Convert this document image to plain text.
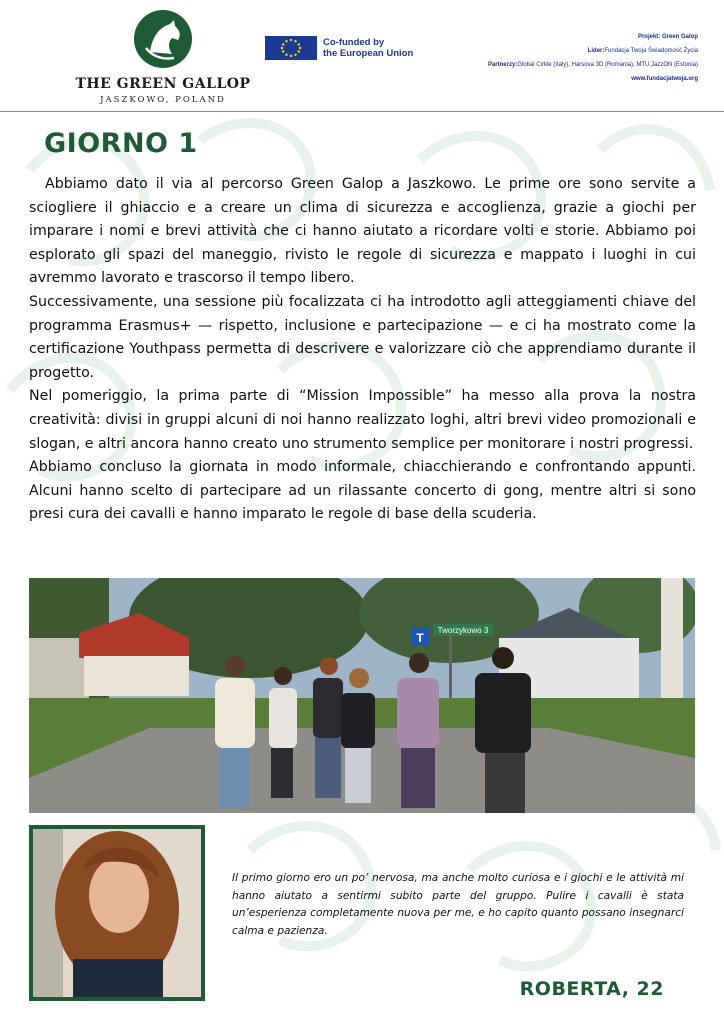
THE GREEN GALLOP
JASZKOWO, POLAND
Co-funded by
the European Union
Projekt: Green Galop
Lider:Fundacja Twoja Świadomość Życia
Partnerzy:Global Cirkle (Italy), Harsova 3D (Romania), MTU JazzON (Estonia)
www.fundacjatwoja.org
GIORNO 1

Abbiamo dato il via al percorso Green Galop a Jaszkowo. Le prime ore sono servite a sciogliere il ghiaccio e a creare un clima di sicurezza e accoglienza, grazie a giochi per imparare i nomi e brevi attività che ci hanno aiutato a ricordare volti e storie. Abbiamo poi esplorato gli spazi del maneggio, rivisto le regole di sicurezza e mappato i luoghi in cui avremmo lavorato e trascorso il tempo libero.

Successivamente, una sessione più focalizzata ci ha introdotto agli atteggiamenti chiave del programma Erasmus+ — rispetto, inclusione e partecipazione — e ci ha mostrato come la certificazione Youthpass permetta di descrivere e valorizzare ciò che apprendiamo durante il progetto.

Nel pomeriggio, la prima parte di “Mission Impossible” ha messo alla prova la nostra creatività: divisi in gruppi alcuni di noi hanno realizzato loghi, altri brevi video promozionali e slogan, e altri ancora hanno creato uno strumento semplice per monitorare i nostri progressi.

Abbiamo concluso la giornata in modo informale, chiacchierando e confrontando appunti. Alcuni hanno scelto di partecipare ad un rilassante concerto di gong, mentre altri si sono presi cura dei cavalli e hanno imparato le regole di base della scuderia.

T
Tworzykowo 3

Il primo giorno ero un po’ nervosa, ma anche molto curiosa e i giochi e le attività mi hanno aiutato a sentirmi subito parte del gruppo. Pulire i cavalli è stata un’esperienza completamente nuova per me, e ho capito quanto possano insegnarci calma e pazienza.

ROBERTA, 22
